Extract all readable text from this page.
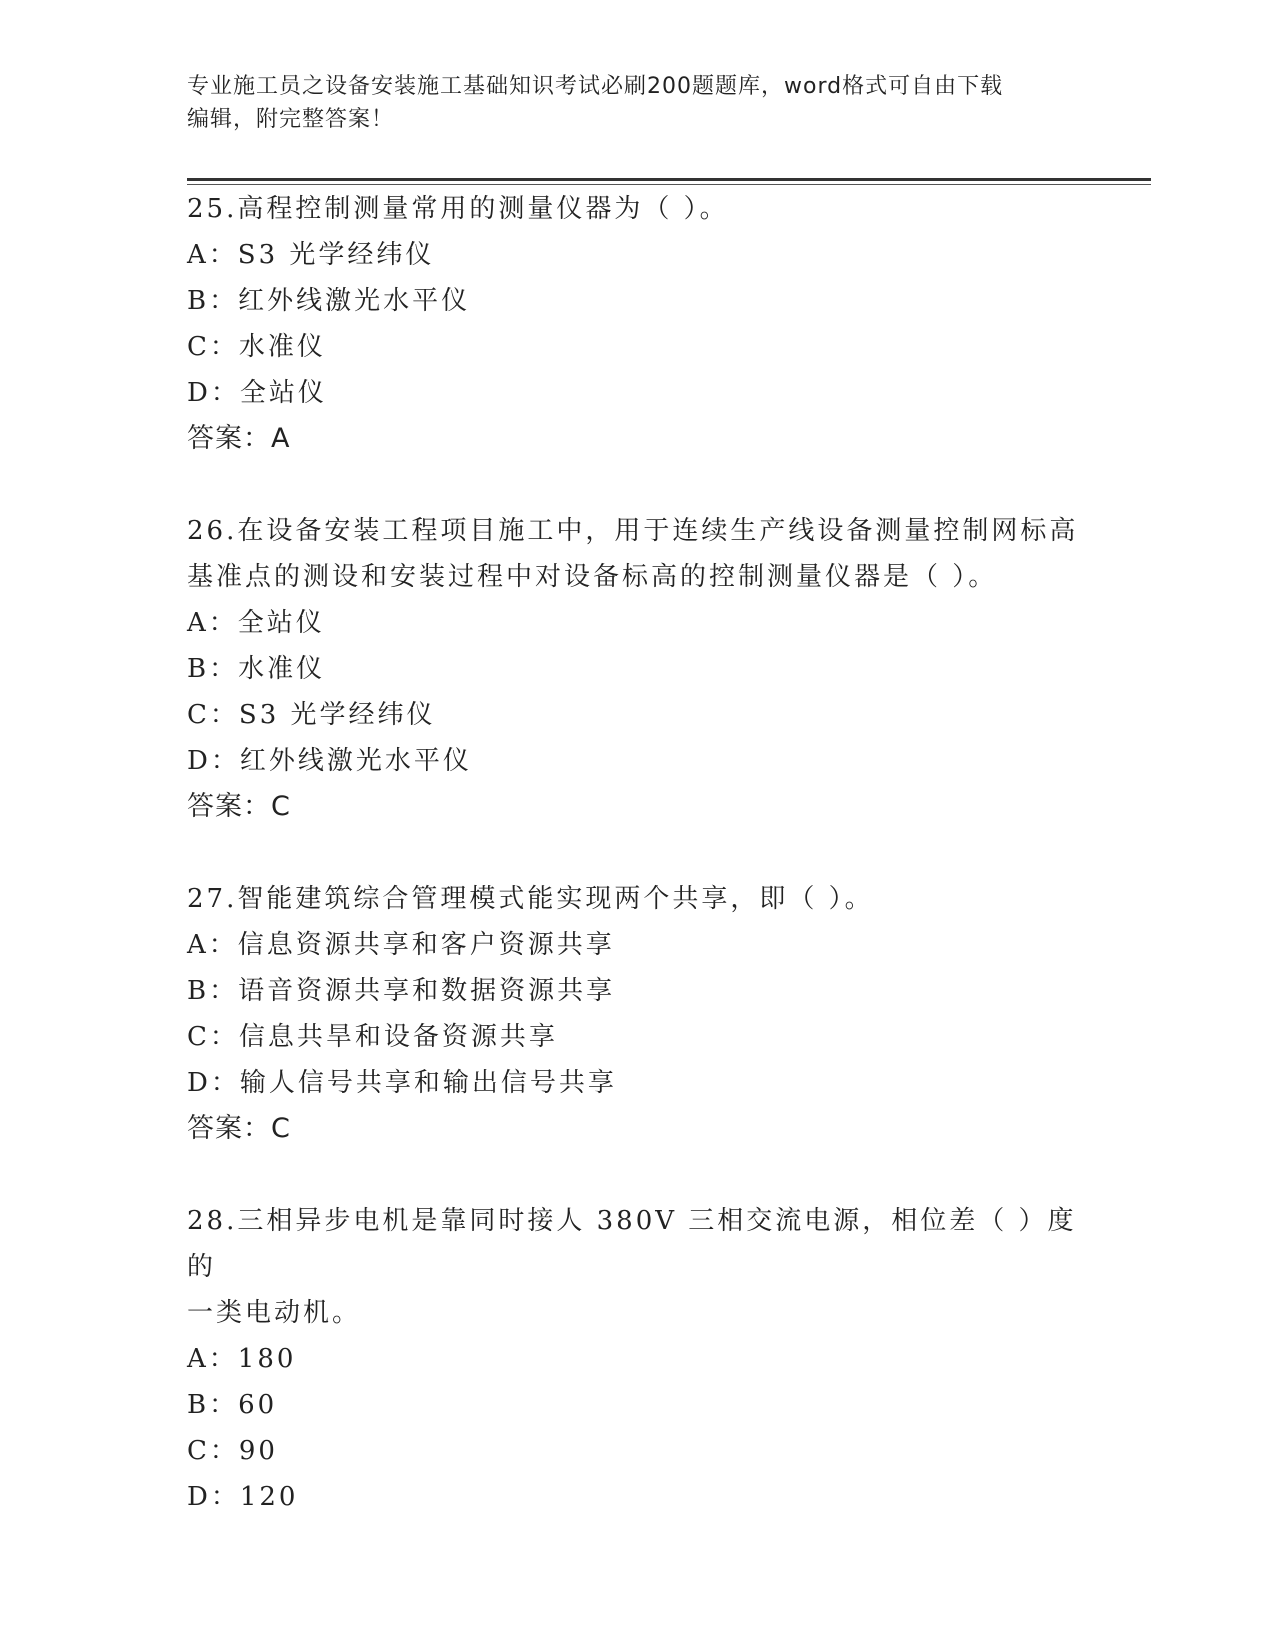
专业施工员之设备安装施工基础知识考试必刷200题题库，word格式可自由下载
编辑，附完整答案！

25.高程控制测量常用的测量仪器为（ ）。

A：S3 光学经纬仪

B：红外线激光水平仪

C：水准仪

D：全站仪

答案：A

26.在设备安装工程项目施工中，用于连续生产线设备测量控制网标高

基准点的测设和安装过程中对设备标高的控制测量仪器是（ ）。

A：全站仪

B：水准仪

C：S3 光学经纬仪

D：红外线激光水平仪

答案：C

27.智能建筑综合管理模式能实现两个共享，即（ ）。

A：信息资源共享和客户资源共享

B：语音资源共享和数据资源共享

C：信息共旱和设备资源共享

D：输人信号共享和输出信号共享

答案：C

28.三相异步电机是靠同时接人 380V 三相交流电源，相位差（ ）度的

一类电动机。

A：180

B：60

C：90

D：120
